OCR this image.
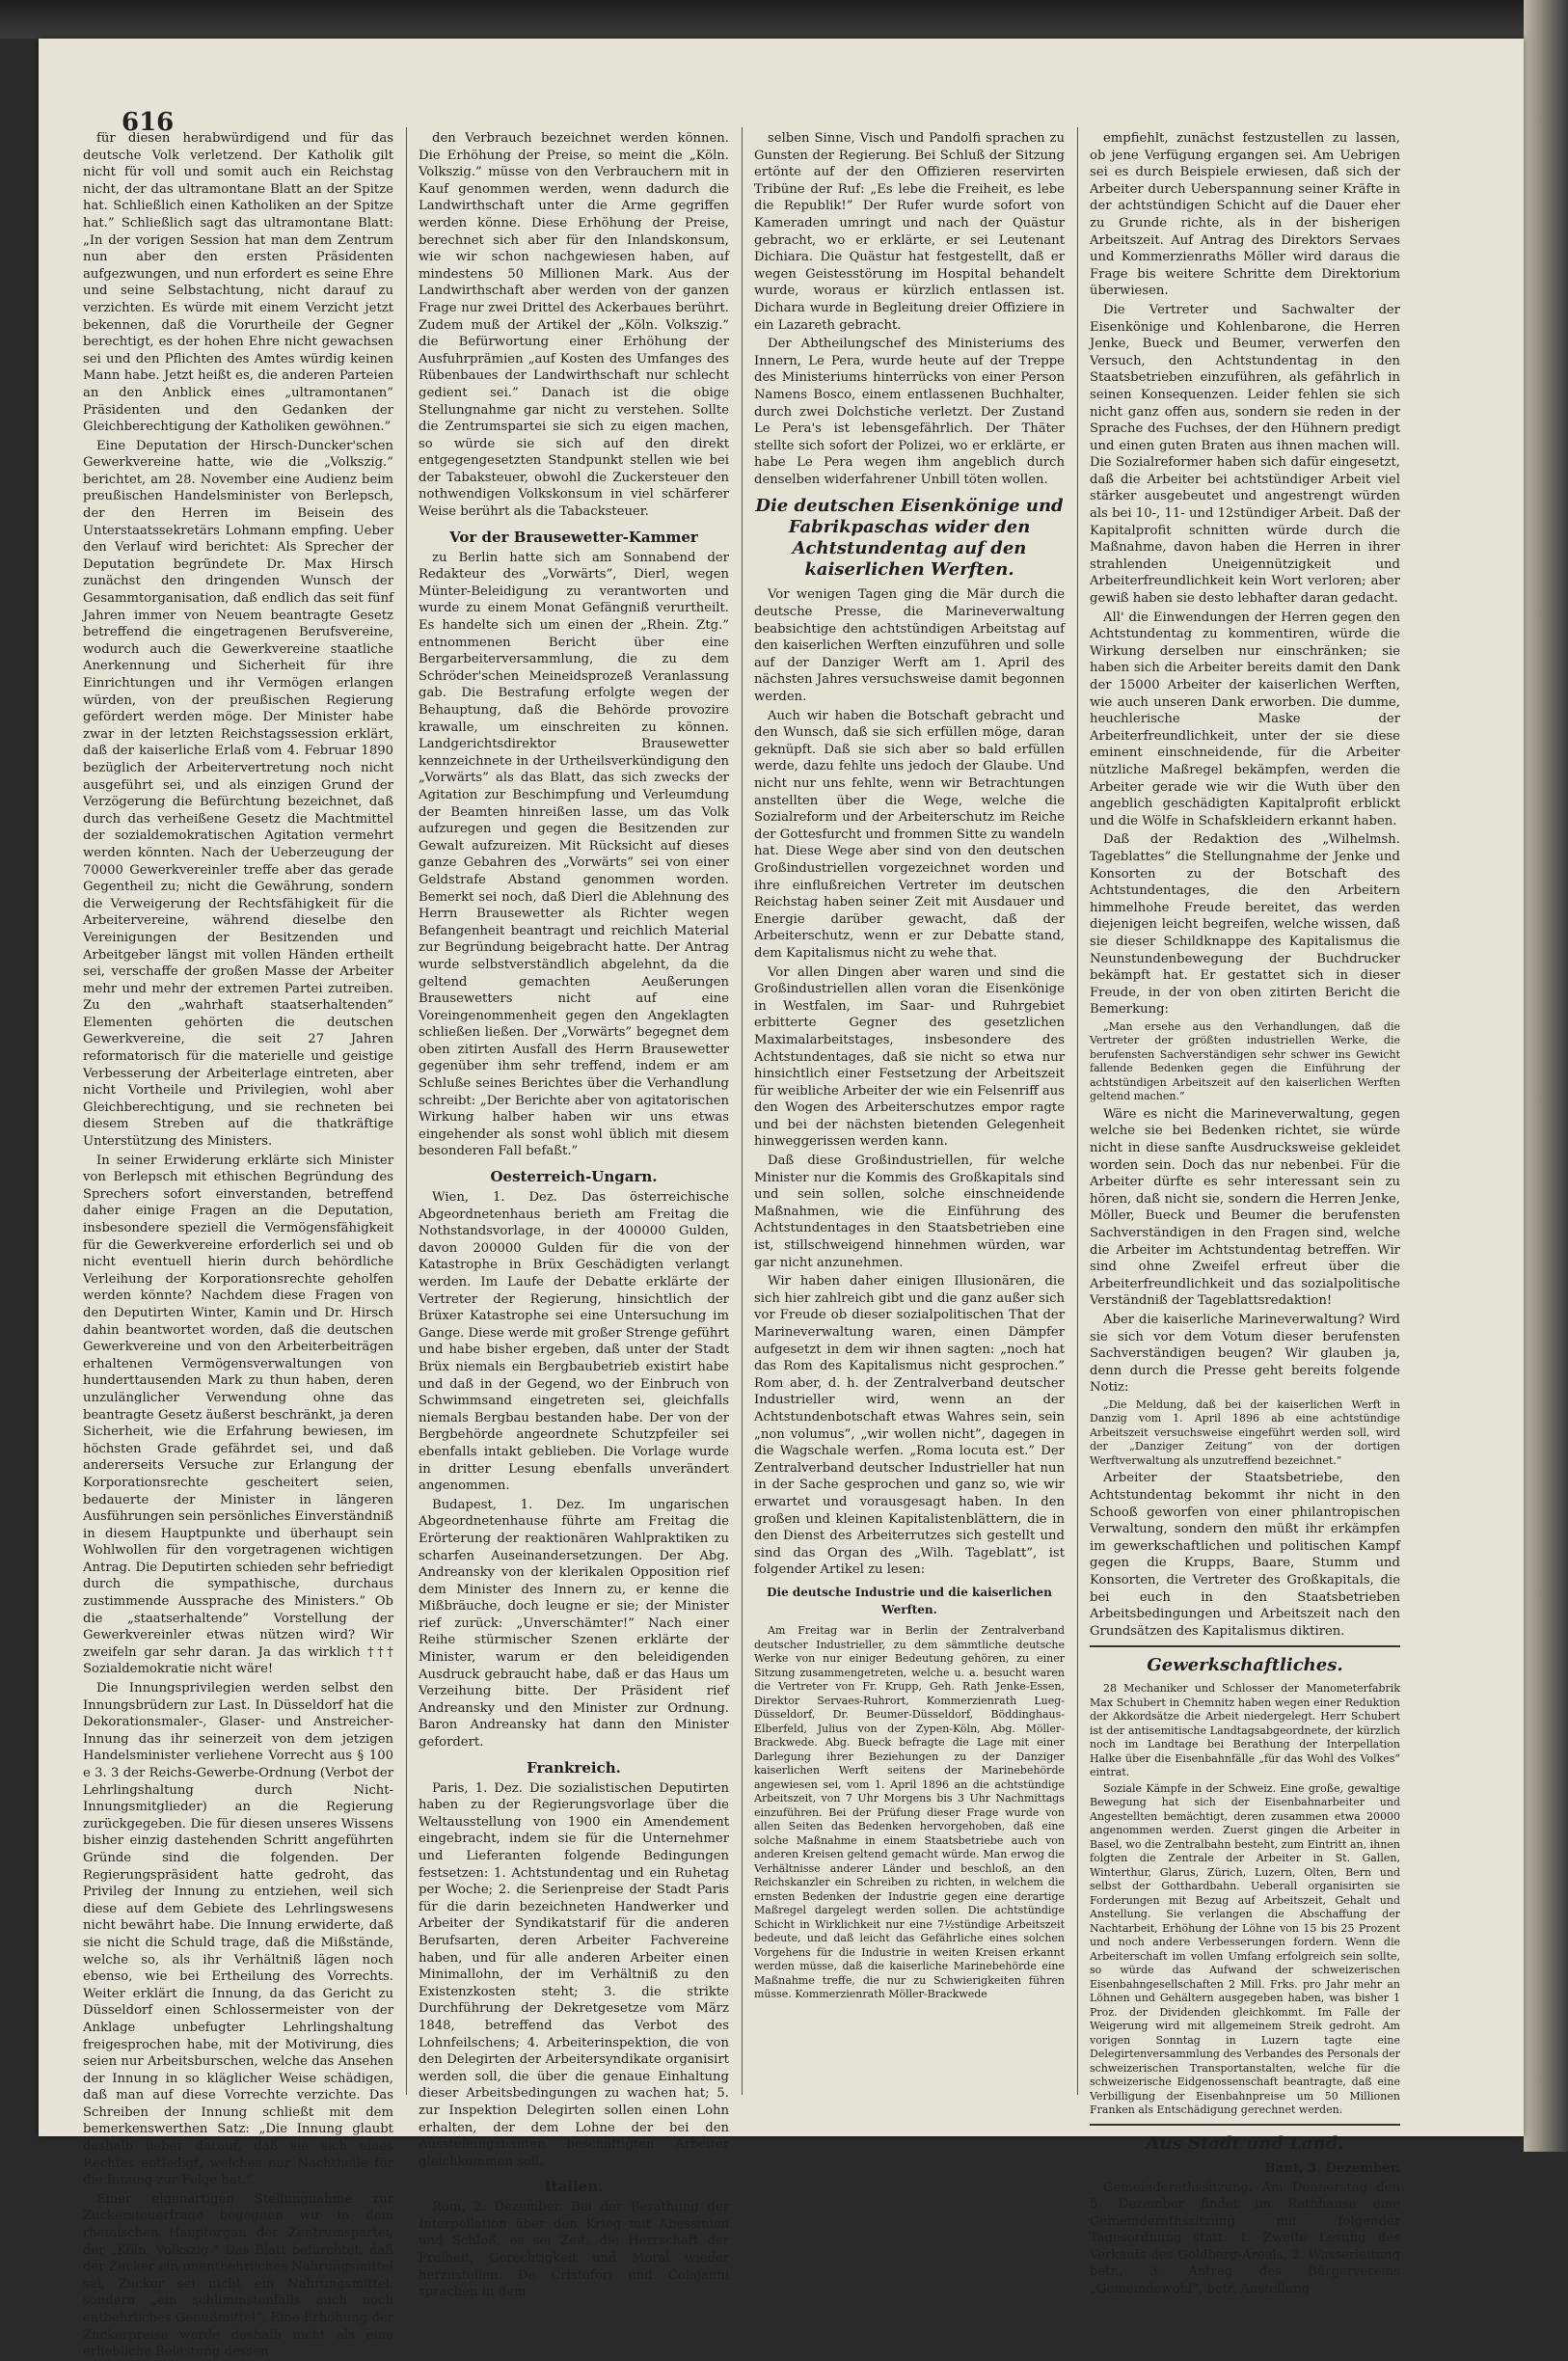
616

für diesen herabwürdigend und für das deutsche Volk verletzend. Der Katholik gilt nicht für voll und somit auch ein Reichstag nicht, der das ultramontane Blatt an der Spitze hat. Schließlich einen Katholiken an der Spitze hat.” Schließlich sagt das ultramontane Blatt: „In der vorigen Session hat man dem Zentrum nun aber den ersten Präsidenten aufgezwungen, und nun erfordert es seine Ehre und seine Selbstachtung, nicht darauf zu verzichten. Es würde mit einem Verzicht jetzt bekennen, daß die Vorurtheile der Gegner berechtigt, es der hohen Ehre nicht gewachsen sei und den Pflichten des Amtes würdig keinen Mann habe. Jetzt heißt es, die anderen Parteien an den Anblick eines „ultramontanen” Präsidenten und den Gedanken der Gleichberechtigung der Katholiken gewöhnen.”

Eine Deputation der Hirsch-Duncker'schen Gewerkvereine hatte, wie die „Volkszig.” berichtet, am 28. November eine Audienz beim preußischen Handelsminister von Berlepsch, der den Herren im Beisein des Unterstaatssekretärs Lohmann empfing. Ueber den Verlauf wird berichtet: Als Sprecher der Deputation begründete Dr. Max Hirsch zunächst den dringenden Wunsch der Gesammtorganisation, daß endlich das seit fünf Jahren immer von Neuem beantragte Gesetz betreffend die eingetragenen Berufsvereine, wodurch auch die Gewerkvereine staatliche Anerkennung und Sicherheit für ihre Einrichtungen und ihr Vermögen erlangen würden, von der preußischen Regierung gefördert werden möge. Der Minister habe zwar in der letzten Reichstagssession erklärt, daß der kaiserliche Erlaß vom 4. Februar 1890 bezüglich der Arbeitervertretung noch nicht ausgeführt sei, und als einzigen Grund der Verzögerung die Befürchtung bezeichnet, daß durch das verheißene Gesetz die Machtmittel der sozialdemokratischen Agitation vermehrt werden könnten. Nach der Ueberzeugung der 70000 Gewerkvereinler treffe aber das gerade Gegentheil zu; nicht die Gewährung, sondern die Verweigerung der Rechtsfähigkeit für die Arbeitervereine, während dieselbe den Vereinigungen der Besitzenden und Arbeitgeber längst mit vollen Händen ertheilt sei, verschaffe der großen Masse der Arbeiter mehr und mehr der extremen Partei zutreiben. Zu den „wahrhaft staatserhaltenden” Elementen gehörten die deutschen Gewerkvereine, die seit 27 Jahren reformatorisch für die materielle und geistige Verbesserung der Arbeiterlage eintreten, aber nicht Vortheile und Privilegien, wohl aber Gleichberechtigung, und sie rechneten bei diesem Streben auf die thatkräftige Unterstützung des Ministers.

In seiner Erwiderung erklärte sich Minister von Berlepsch mit ethischen Begründung des Sprechers sofort einverstanden, betreffend daher einige Fragen an die Deputation, insbesondere speziell die Vermögensfähigkeit für die Gewerkvereine erforderlich sei und ob nicht eventuell hierin durch behördliche Verleihung der Korporationsrechte geholfen werden könnte? Nachdem diese Fragen von den Deputirten Winter, Kamin und Dr. Hirsch dahin beantwortet worden, daß die deutschen Gewerkvereine und von den Arbeiterbeiträgen erhaltenen Vermögensverwaltungen von hunderttausenden Mark zu thun haben, deren unzulänglicher Verwendung ohne das beantragte Gesetz äußerst beschränkt, ja deren Sicherheit, wie die Erfahrung bewiesen, im höchsten Grade gefährdet sei, und daß andererseits Versuche zur Erlangung der Korporationsrechte gescheitert seien, bedauerte der Minister in längeren Ausführungen sein persönliches Einverständniß in diesem Hauptpunkte und überhaupt sein Wohlwollen für den vorgetragenen wichtigen Antrag. Die Deputirten schieden sehr befriedigt durch die sympathische, durchaus zustimmende Aussprache des Ministers.” Ob die „staatserhaltende” Vorstellung der Gewerkvereinler etwas nützen wird? Wir zweifeln gar sehr daran. Ja das wirklich ††† Sozialdemokratie nicht wäre!

Die Innungsprivilegien werden selbst den Innungsbrüdern zur Last. In Düsseldorf hat die Dekorationsmaler-, Glaser- und Anstreicher-Innung das ihr seinerzeit von dem jetzigen Handelsminister verliehene Vorrecht aus § 100 e 3. 3 der Reichs-Gewerbe-Ordnung (Verbot der Lehrlingshaltung durch Nicht-Innungsmitglieder) an die Regierung zurückgegeben. Die für diesen unseres Wissens bisher einzig dastehenden Schritt angeführten Gründe sind die folgenden. Der Regierungspräsident hatte gedroht, das Privileg der Innung zu entziehen, weil sich diese auf dem Gebiete des Lehrlingswesens nicht bewährt habe. Die Innung erwiderte, daß sie nicht die Schuld trage, daß die Mißstände, welche so, als ihr Verhältniß lägen noch ebenso, wie bei Ertheilung des Vorrechts. Weiter erklärt die Innung, da das Gericht zu Düsseldorf einen Schlossermeister von der Anklage unbefugter Lehrlingshaltung freigesprochen habe, mit der Motivirung, dies seien nur Arbeitsburschen, welche das Ansehen der Innung in so kläglicher Weise schädigen, daß man auf diese Vorrechte verzichte. Das Schreiben der Innung schließt mit dem bemerkenswerthen Satz: „Die Innung glaubt deshalb lieber darauf, daß sie sich eines Rechtes entledigt, welches nur Nachtheile für die Innung zur Folge hat.”

Einer eigenartigen Stellungnahme zur Zuckersteuerfrage begegnen wir in dem rheinischen Hauptorgan der Zentrumspartei, der „Köln. Volkszig.” Das Blatt befürchtet, daß der Zucker ein unentbehrliches Nahrungsmittel sei, Zucker sei nicht ein Nahrungsmittel, sondern „ein schlimmstenfalls auch noch entbehrliches Genußmittel”. Eine Erhöhung der Zuckerpreise werde deshalb nicht als eine erhebliche Belastung dessen

den Verbrauch bezeichnet werden können. Die Erhöhung der Preise, so meint die „Köln. Volkszig.” müsse von den Verbrauchern mit in Kauf genommen werden, wenn dadurch die Landwirthschaft unter die Arme gegriffen werden könne. Diese Erhöhung der Preise, berechnet sich aber für den Inlandskonsum, wie wir schon nachgewiesen haben, auf mindestens 50 Millionen Mark. Aus der Landwirthschaft aber werden von der ganzen Frage nur zwei Drittel des Ackerbaues berührt. Zudem muß der Artikel der „Köln. Volkszig.” die Befürwortung einer Erhöhung der Ausfuhrprämien „auf Kosten des Umfanges des Rübenbaues der Landwirthschaft nur schlecht gedient sei.” Danach ist die obige Stellungnahme gar nicht zu verstehen. Sollte die Zentrumspartei sie sich zu eigen machen, so würde sie sich auf den direkt entgegengesetzten Standpunkt stellen wie bei der Tabaksteuer, obwohl die Zuckersteuer den nothwendigen Volkskonsum in viel schärferer Weise berührt als die Tabacksteuer.

Vor der Brausewetter-Kammer

zu Berlin hatte sich am Sonnabend der Redakteur des „Vorwärts”, Dierl, wegen Münter-Beleidigung zu verantworten und wurde zu einem Monat Gefängniß verurtheilt. Es handelte sich um einen der „Rhein. Ztg.” entnommenen Bericht über eine Bergarbeiterversammlung, die zu dem Schröder'schen Meineidsprozeß Veranlassung gab. Die Bestrafung erfolgte wegen der Behauptung, daß die Behörde provozire krawalle, um einschreiten zu können. Landgerichtsdirektor Brausewetter kennzeichnete in der Urtheilsverkündigung den „Vorwärts” als das Blatt, das sich zwecks der Agitation zur Beschimpfung und Verleumdung der Beamten hinreißen lasse, um das Volk aufzuregen und gegen die Besitzenden zur Gewalt aufzureizen. Mit Rücksicht auf dieses ganze Gebahren des „Vorwärts” sei von einer Geldstrafe Abstand genommen worden. Bemerkt sei noch, daß Dierl die Ablehnung des Herrn Brausewetter als Richter wegen Befangenheit beantragt und reichlich Material zur Begründung beigebracht hatte. Der Antrag wurde selbstverständlich abgelehnt, da die geltend gemachten Aeußerungen Brausewetters nicht auf eine Voreingenommenheit gegen den Angeklagten schließen ließen. Der „Vorwärts” begegnet dem oben zitirten Ausfall des Herrn Brausewetter gegenüber ihm sehr treffend, indem er am Schluße seines Berichtes über die Verhandlung schreibt: „Der Berichte aber von agitatorischen Wirkung halber haben wir uns etwas eingehender als sonst wohl üblich mit diesem besonderen Fall befaßt.”

Oesterreich-Ungarn.

Wien, 1. Dez. Das österreichische Abgeordnetenhaus berieth am Freitag die Nothstandsvorlage, in der 400000 Gulden, davon 200000 Gulden für die von der Katastrophe in Brüx Geschädigten verlangt werden. Im Laufe der Debatte erklärte der Vertreter der Regierung, hinsichtlich der Brüxer Katastrophe sei eine Untersuchung im Gange. Diese werde mit großer Strenge geführt und habe bisher ergeben, daß unter der Stadt Brüx niemals ein Bergbaubetrieb existirt habe und daß in der Gegend, wo der Einbruch von Schwimmsand eingetreten sei, gleichfalls niemals Bergbau bestanden habe. Der von der Bergbehörde angeordnete Schutzpfeiler sei ebenfalls intakt geblieben. Die Vorlage wurde in dritter Lesung ebenfalls unverändert angenommen.

Budapest, 1. Dez. Im ungarischen Abgeordnetenhause führte am Freitag die Erörterung der reaktionären Wahlpraktiken zu scharfen Auseinandersetzungen. Der Abg. Andreansky von der klerikalen Opposition rief dem Minister des Innern zu, er kenne die Mißbräuche, doch leugne er sie; der Minister rief zurück: „Unverschämter!” Nach einer Reihe stürmischer Szenen erklärte der Minister, warum er den beleidigenden Ausdruck gebraucht habe, daß er das Haus um Verzeihung bitte. Der Präsident rief Andreansky und den Minister zur Ordnung. Baron Andreansky hat dann den Minister gefordert.

Frankreich.

Paris, 1. Dez. Die sozialistischen Deputirten haben zu der Regierungsvorlage über die Weltausstellung von 1900 ein Amendement eingebracht, indem sie für die Unternehmer und Lieferanten folgende Bedingungen festsetzen: 1. Achtstundentag und ein Ruhetag per Woche; 2. die Serienpreise der Stadt Paris für die darin bezeichneten Handwerker und Arbeiter der Syndikatstarif für die anderen Berufsarten, deren Arbeiter Fachvereine haben, und für alle anderen Arbeiter einen Minimallohn, der im Verhältniß zu den Existenzkosten steht; 3. die strikte Durchführung der Dekretgesetze vom März 1848, betreffend das Verbot des Lohnfeilschens; 4. Arbeiterinspektion, die von den Delegirten der Arbeitersyndikate organisirt werden soll, die über die genaue Einhaltung dieser Arbeitsbedingungen zu wachen hat; 5. zur Inspektion Delegirten sollen einen Lohn erhalten, der dem Lohne der bei den Ausstellungsbauten beschäftigten Arbeiter gleichkommen soll.

Italien.

Rom, 2. Dezember. Bei der Berathung der Interpellation über den Krieg mit Abessinien und Schloß, es sei Zeit, die Herrschaft der Freiheit, Gerechtigkeit und Moral wieder herzustellen. De Cristofori und Colajanni sprachen in dem

selben Sinne, Visch und Pandolfi sprachen zu Gunsten der Regierung. Bei Schluß der Sitzung ertönte auf der den Offizieren reservirten Tribüne der Ruf: „Es lebe die Freiheit, es lebe die Republik!” Der Rufer wurde sofort von Kameraden umringt und nach der Quästur gebracht, wo er erklärte, er sei Leutenant Dichiara. Die Quästur hat festgestellt, daß er wegen Geistesstörung im Hospital behandelt wurde, woraus er kürzlich entlassen ist. Dichara wurde in Begleitung dreier Offiziere in ein Lazareth gebracht.

Der Abtheilungschef des Ministeriums des Innern, Le Pera, wurde heute auf der Treppe des Ministeriums hinterrücks von einer Person Namens Bosco, einem entlassenen Buchhalter, durch zwei Dolchstiche verletzt. Der Zustand Le Pera's ist lebensgefährlich. Der Thäter stellte sich sofort der Polizei, wo er erklärte, er habe Le Pera wegen ihm angeblich durch denselben widerfahrener Unbill töten wollen.

Die deutschen Eisenkönige und Fabrikpaschas wider den Achtstundentag auf den kaiserlichen Werften.

Vor wenigen Tagen ging die Mär durch die deutsche Presse, die Marineverwaltung beabsichtige den achtstündigen Arbeitstag auf den kaiserlichen Werften einzuführen und solle auf der Danziger Werft am 1. April des nächsten Jahres versuchsweise damit begonnen werden.

Auch wir haben die Botschaft gebracht und den Wunsch, daß sie sich erfüllen möge, daran geknüpft. Daß sie sich aber so bald erfüllen werde, dazu fehlte uns jedoch der Glaube. Und nicht nur uns fehlte, wenn wir Betrachtungen anstellten über die Wege, welche die Sozialreform und der Arbeiterschutz im Reiche der Gottesfurcht und frommen Sitte zu wandeln hat. Diese Wege aber sind von den deutschen Großindustriellen vorgezeichnet worden und ihre einflußreichen Vertreter im deutschen Reichstag haben seiner Zeit mit Ausdauer und Energie darüber gewacht, daß der Arbeiterschutz, wenn er zur Debatte stand, dem Kapitalismus nicht zu wehe that.

Vor allen Dingen aber waren und sind die Großindustriellen allen voran die Eisenkönige in Westfalen, im Saar- und Ruhrgebiet erbitterte Gegner des gesetzlichen Maximalarbeitstages, insbesondere des Achtstundentages, daß sie nicht so etwa nur hinsichtlich einer Festsetzung der Arbeitszeit für weibliche Arbeiter der wie ein Felsenriff aus den Wogen des Arbeiterschutzes empor ragte und bei der nächsten bietenden Gelegenheit hinweggerissen werden kann.

Daß diese Großindustriellen, für welche Minister nur die Kommis des Großkapitals sind und sein sollen, solche einschneidende Maßnahmen, wie die Einführung des Achtstundentages in den Staatsbetrieben eine ist, stillschweigend hinnehmen würden, war gar nicht anzunehmen.

Wir haben daher einigen Illusionären, die sich hier zahlreich gibt und die ganz außer sich vor Freude ob dieser sozialpolitischen That der Marineverwaltung waren, einen Dämpfer aufgesetzt in dem wir ihnen sagten: „noch hat das Rom des Kapitalismus nicht gesprochen.” Rom aber, d. h. der Zentralverband deutscher Industrieller wird, wenn an der Achtstundenbotschaft etwas Wahres sein, sein „non volumus”, „wir wollen nicht”, dagegen in die Wagschale werfen. „Roma locuta est.” Der Zentralverband deutscher Industrieller hat nun in der Sache gesprochen und ganz so, wie wir erwartet und vorausgesagt haben. In den großen und kleinen Kapitalistenblättern, die in den Dienst des Arbeiterrutzes sich gestellt und sind das Organ des „Wilh. Tageblatt”, ist folgender Artikel zu lesen:

Die deutsche Industrie und die kaiserlichen Werften.

Am Freitag war in Berlin der Zentralverband deutscher Industrieller, zu dem sämmtliche deutsche Werke von nur einiger Bedeutung gehören, zu einer Sitzung zusammengetreten, welche u. a. besucht waren die Vertreter von Fr. Krupp, Geh. Rath Jenke-Essen, Direktor Servaes-Ruhrort, Kommerzienrath Lueg-Düsseldorf, Dr. Beumer-Düsseldorf, Böddinghaus-Elberfeld, Julius von der Zypen-Köln, Abg. Möller-Brackwede. Abg. Bueck befragte die Lage mit einer Darlegung ihrer Beziehungen zu der Danziger kaiserlichen Werft seitens der Marinebehörde angewiesen sei, vom 1. April 1896 an die achtstündige Arbeitszeit, von 7 Uhr Morgens bis 3 Uhr Nachmittags einzuführen. Bei der Prüfung dieser Frage wurde von allen Seiten das Bedenken hervorgehoben, daß eine solche Maßnahme in einem Staatsbetriebe auch von anderen Kreisen geltend gemacht würde. Man erwog die Verhältnisse anderer Länder und beschloß, an den Reichskanzler ein Schreiben zu richten, in welchem die ernsten Bedenken der Industrie gegen eine derartige Maßregel dargelegt werden sollen. Die achtstündige Schicht in Wirklichkeit nur eine 7½stündige Arbeitszeit bedeute, und daß leicht das Gefährliche eines solchen Vorgehens für die Industrie in weiten Kreisen erkannt werden müsse, daß die kaiserliche Marinebehörde eine Maßnahme treffe, die nur zu Schwierigkeiten führen müsse. Kommerzienrath Möller-Brackwede

empfiehlt, zunächst festzustellen zu lassen, ob jene Verfügung ergangen sei. Am Uebrigen sei es durch Beispiele erwiesen, daß sich der Arbeiter durch Ueberspannung seiner Kräfte in der achtstündigen Schicht auf die Dauer eher zu Grunde richte, als in der bisherigen Arbeitszeit. Auf Antrag des Direktors Servaes und Kommerzienraths Möller wird daraus die Frage bis weitere Schritte dem Direktorium überwiesen.

Die Vertreter und Sachwalter der Eisenkönige und Kohlenbarone, die Herren Jenke, Bueck und Beumer, verwerfen den Versuch, den Achtstundentag in den Staatsbetrieben einzuführen, als gefährlich in seinen Konsequenzen. Leider fehlen sie sich nicht ganz offen aus, sondern sie reden in der Sprache des Fuchses, der den Hühnern predigt und einen guten Braten aus ihnen machen will. Die Sozialreformer haben sich dafür eingesetzt, daß die Arbeiter bei achtstündiger Arbeit viel stärker ausgebeutet und angestrengt würden als bei 10-, 11- und 12stündiger Arbeit. Daß der Kapitalprofit schnitten würde durch die Maßnahme, davon haben die Herren in ihrer strahlenden Uneigennützigkeit und Arbeiterfreundlichkeit kein Wort verloren; aber gewiß haben sie desto lebhafter daran gedacht.

All' die Einwendungen der Herren gegen den Achtstundentag zu kommentiren, würde die Wirkung derselben nur einschränken; sie haben sich die Arbeiter bereits damit den Dank der 15000 Arbeiter der kaiserlichen Werften, wie auch unseren Dank erworben. Die dumme, heuchlerische Maske der Arbeiterfreundlichkeit, unter der sie diese eminent einschneidende, für die Arbeiter nützliche Maßregel bekämpfen, werden die Arbeiter gerade wie wir die Wuth über den angeblich geschädigten Kapitalprofit erblickt und die Wölfe in Schafskleidern erkannt haben.

Daß der Redaktion des „Wilhelmsh. Tageblattes” die Stellungnahme der Jenke und Konsorten zu der Botschaft des Achtstundentages, die den Arbeitern himmelhohe Freude bereitet, das werden diejenigen leicht begreifen, welche wissen, daß sie dieser Schildknappe des Kapitalismus die Neunstundenbewegung der Buchdrucker bekämpft hat. Er gestattet sich in dieser Freude, in der von oben zitirten Bericht die Bemerkung:

„Man ersehe aus den Verhandlungen, daß die Vertreter der größten industriellen Werke, die berufensten Sachverständigen sehr schwer ins Gewicht fallende Bedenken gegen die Einführung der achtstündigen Arbeitszeit auf den kaiserlichen Werften geltend machen.”

Wäre es nicht die Marineverwaltung, gegen welche sie bei Bedenken richtet, sie würde nicht in diese sanfte Ausdrucksweise gekleidet worden sein. Doch das nur nebenbei. Für die Arbeiter dürfte es sehr interessant sein zu hören, daß nicht sie, sondern die Herren Jenke, Möller, Bueck und Beumer die berufensten Sachverständigen in den Fragen sind, welche die Arbeiter im Achtstundentag betreffen. Wir sind ohne Zweifel erfreut über die Arbeiterfreundlichkeit und das sozialpolitische Verständniß der Tageblattsredaktion!

Aber die kaiserliche Marineverwaltung? Wird sie sich vor dem Votum dieser berufensten Sachverständigen beugen? Wir glauben ja, denn durch die Presse geht bereits folgende Notiz:

„Die Meldung, daß bei der kaiserlichen Werft in Danzig vom 1. April 1896 ab eine achtstündige Arbeitszeit versuchsweise eingeführt werden soll, wird der „Danziger Zeitung” von der dortigen Werftverwaltung als unzutreffend bezeichnet.”

Arbeiter der Staatsbetriebe, den Achtstundentag bekommt ihr nicht in den Schooß geworfen von einer philantropischen Verwaltung, sondern den müßt ihr erkämpfen im gewerkschaftlichen und politischen Kampf gegen die Krupps, Baare, Stumm und Konsorten, die Vertreter des Großkapitals, die bei euch in den Staatsbetrieben Arbeitsbedingungen und Arbeitszeit nach den Grundsätzen des Kapitalismus diktiren.

Gewerkschaftliches.

28 Mechaniker und Schlosser der Manometerfabrik Max Schubert in Chemnitz haben wegen einer Reduktion der Akkordsätze die Arbeit niedergelegt. Herr Schubert ist der antisemitische Landtagsabgeordnete, der kürzlich noch im Landtage bei Berathung der Interpellation Halke über die Eisenbahnfälle „für das Wohl des Volkes” eintrat.

Soziale Kämpfe in der Schweiz. Eine große, gewaltige Bewegung hat sich der Eisenbahnarbeiter und Angestellten bemächtigt, deren zusammen etwa 20000 angenommen werden. Zuerst gingen die Arbeiter in Basel, wo die Zentralbahn besteht, zum Eintritt an, ihnen folgten die Zentrale der Arbeiter in St. Gallen, Winterthur, Glarus, Zürich, Luzern, Olten, Bern und selbst der Gotthardbahn. Ueberall organisirten sie Forderungen mit Bezug auf Arbeitszeit, Gehalt und Anstellung. Sie verlangen die Abschaffung der Nachtarbeit, Erhöhung der Löhne von 15 bis 25 Prozent und noch andere Verbesserungen fordern. Wenn die Arbeiterschaft im vollen Umfang erfolgreich sein sollte, so würde das Aufwand der schweizerischen Eisenbahngesellschaften 2 Mill. Frks. pro Jahr mehr an Löhnen und Gehältern ausgegeben haben, was bisher 1 Proz. der Dividenden gleichkommt. Im Falle der Weigerung wird mit allgemeinem Streik gedroht. Am vorigen Sonntag in Luzern tagte eine Delegirtenversammlung des Verbandes des Personals der schweizerischen Transportanstalten, welche für die schweizerische Eidgenossenschaft beantragte, daß eine Verbilligung der Eisenbahnpreise um 50 Millionen Franken als Entschädigung gerechnet werden.

Aus Stadt und Land.
Bant, 3. Dezember.

Gemeinderathssitzung. Am Donnerstag den 5. Dezember findet im Rathhause eine Gemeinderathssitzung mit folgender Tagesordnung statt: 1. Zweite Lesung des Verkaufs des Goldberg-Areals, 2. Wasserleitung betr., 3. Antrag des Bürgervereins „Gemeindewohl”, betr. Anstellung
